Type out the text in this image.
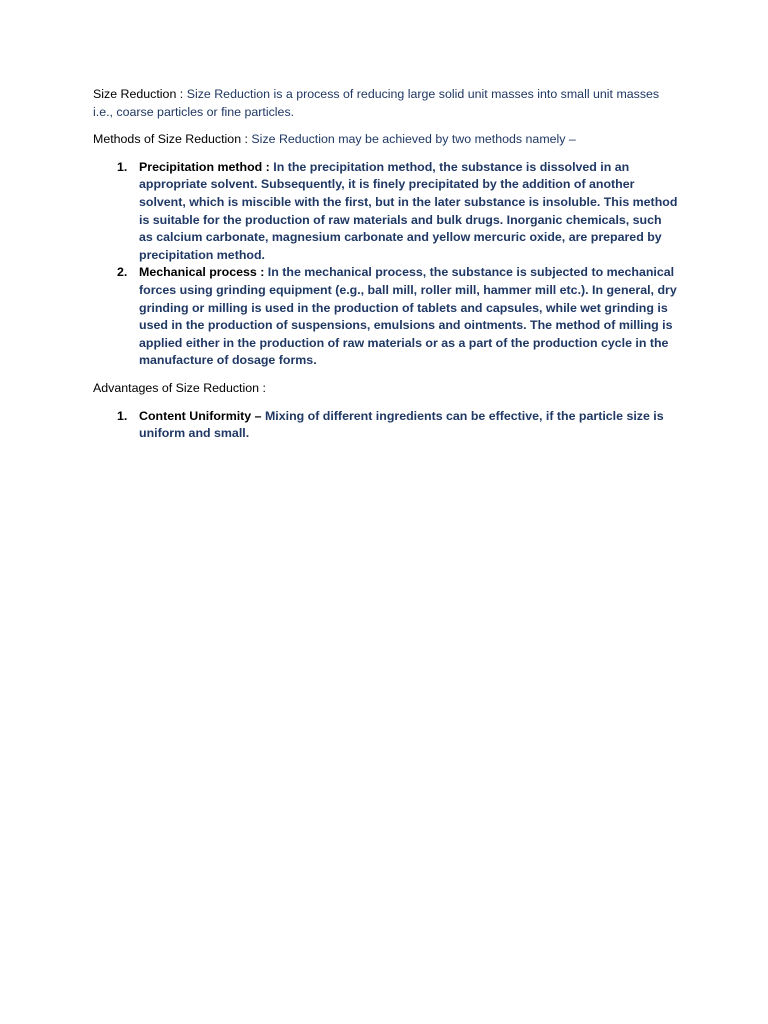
Size Reduction : Size Reduction is a process of reducing large solid unit masses into small unit masses i.e., coarse particles or fine particles.

Methods of Size Reduction : Size Reduction may be achieved by two methods namely –

1. Precipitation method : In the precipitation method, the substance is dissolved in an appropriate solvent. Subsequently, it is finely precipitated by the addition of another solvent, which is miscible with the first, but in the later substance is insoluble. This method is suitable for the production of raw materials and bulk drugs. Inorganic chemicals, such as calcium carbonate, magnesium carbonate and yellow mercuric oxide, are prepared by precipitation method.
2. Mechanical process : In the mechanical process, the substance is subjected to mechanical forces using grinding equipment (e.g., ball mill, roller mill, hammer mill etc.). In general, dry grinding or milling is used in the production of tablets and capsules, while wet grinding is used in the production of suspensions, emulsions and ointments. The method of milling is applied either in the production of raw materials or as a part of the production cycle in the manufacture of dosage forms.

Advantages of Size Reduction :

1. Content Uniformity – Mixing of different ingredients can be effective, if the particle size is uniform and small.
